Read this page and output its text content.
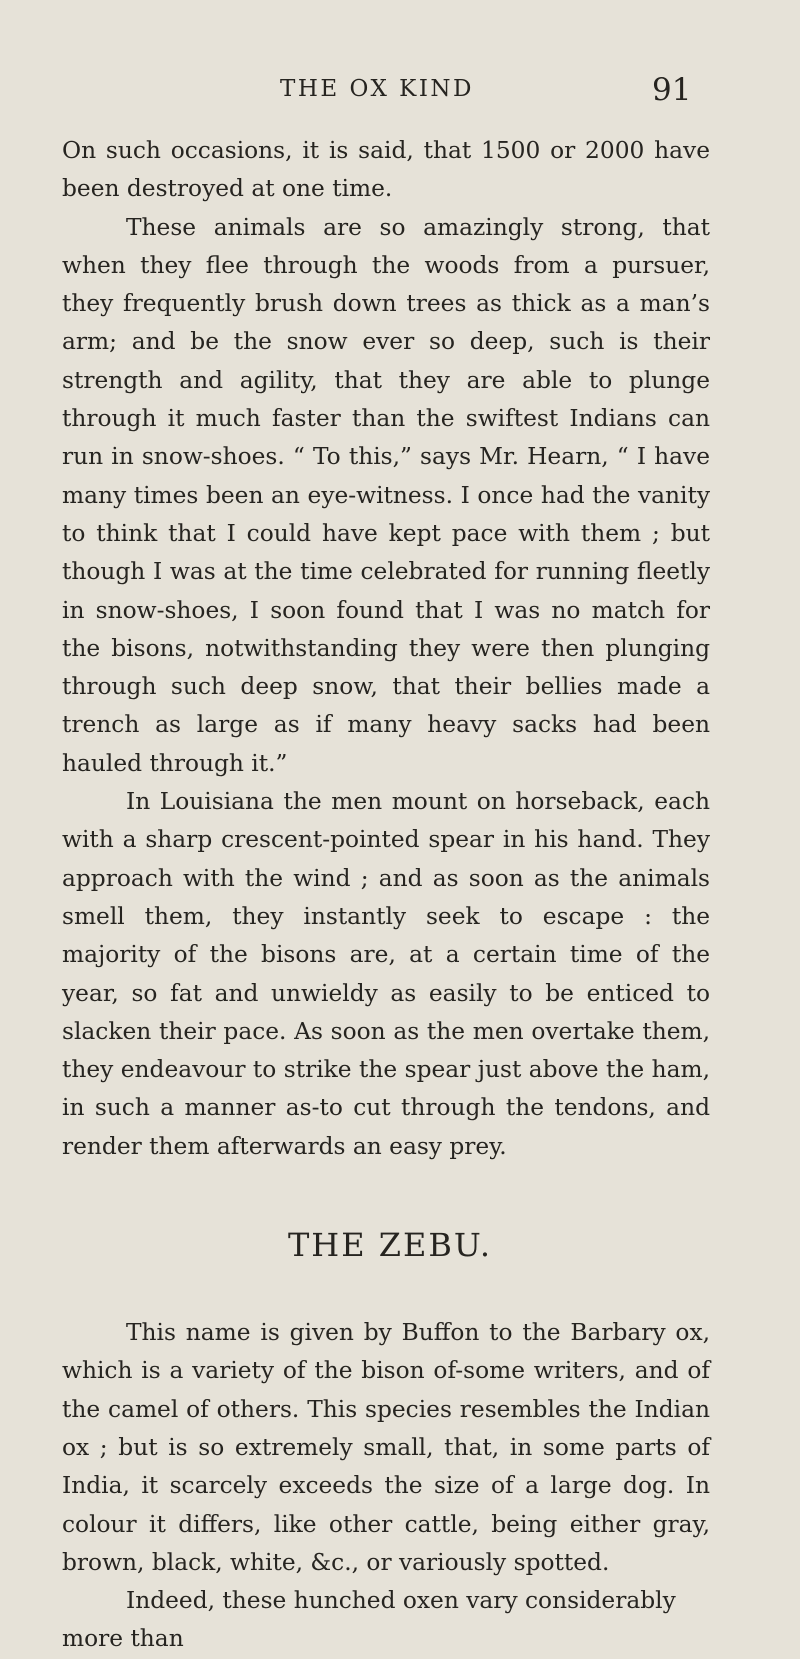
THE OX KIND	91

On such occasions, it is said, that 1500 or 2000 have been destroyed at one time.

These animals are so amazingly strong, that when they flee through the woods from a pursuer, they frequently brush down trees as thick as a man’s arm; and be the snow ever so deep, such is their strength and agility, that they are able to plunge through it much faster than the swiftest Indians can run in snow-shoes. “ To this,” says Mr. Hearn, “ I have many times been an eye-witness. I once had the vanity to think that I could have kept pace with them ; but though I was at the time celebrated for running fleetly in snow-shoes, I soon found that I was no match for the bisons, notwithstanding they were then plunging through such deep snow, that their bellies made a trench as large as if many heavy sacks had been hauled through it.”

In Louisiana the men mount on horseback, each with a sharp crescent-pointed spear in his hand. They approach with the wind ; and as soon as the animals smell them, they instantly seek to escape : the majority of the bisons are, at a certain time of the year, so fat and unwieldy as easily to be enticed to slacken their pace. As soon as the men overtake them, they endeavour to strike the spear just above the ham, in such a manner as-to cut through the tendons, and render them afterwards an easy prey.

THE ZEBU.

This name is given by Buffon to the Barbary ox, which is a variety of the bison of-some writers, and of the camel of others. This species resembles the Indian ox ; but is so extremely small, that, in some parts of India, it scarcely exceeds the size of a large dog. In colour it differs, like other cattle, being either gray, brown, black, white, &c., or variously spotted.

Indeed, these hunched oxen vary considerably more than
